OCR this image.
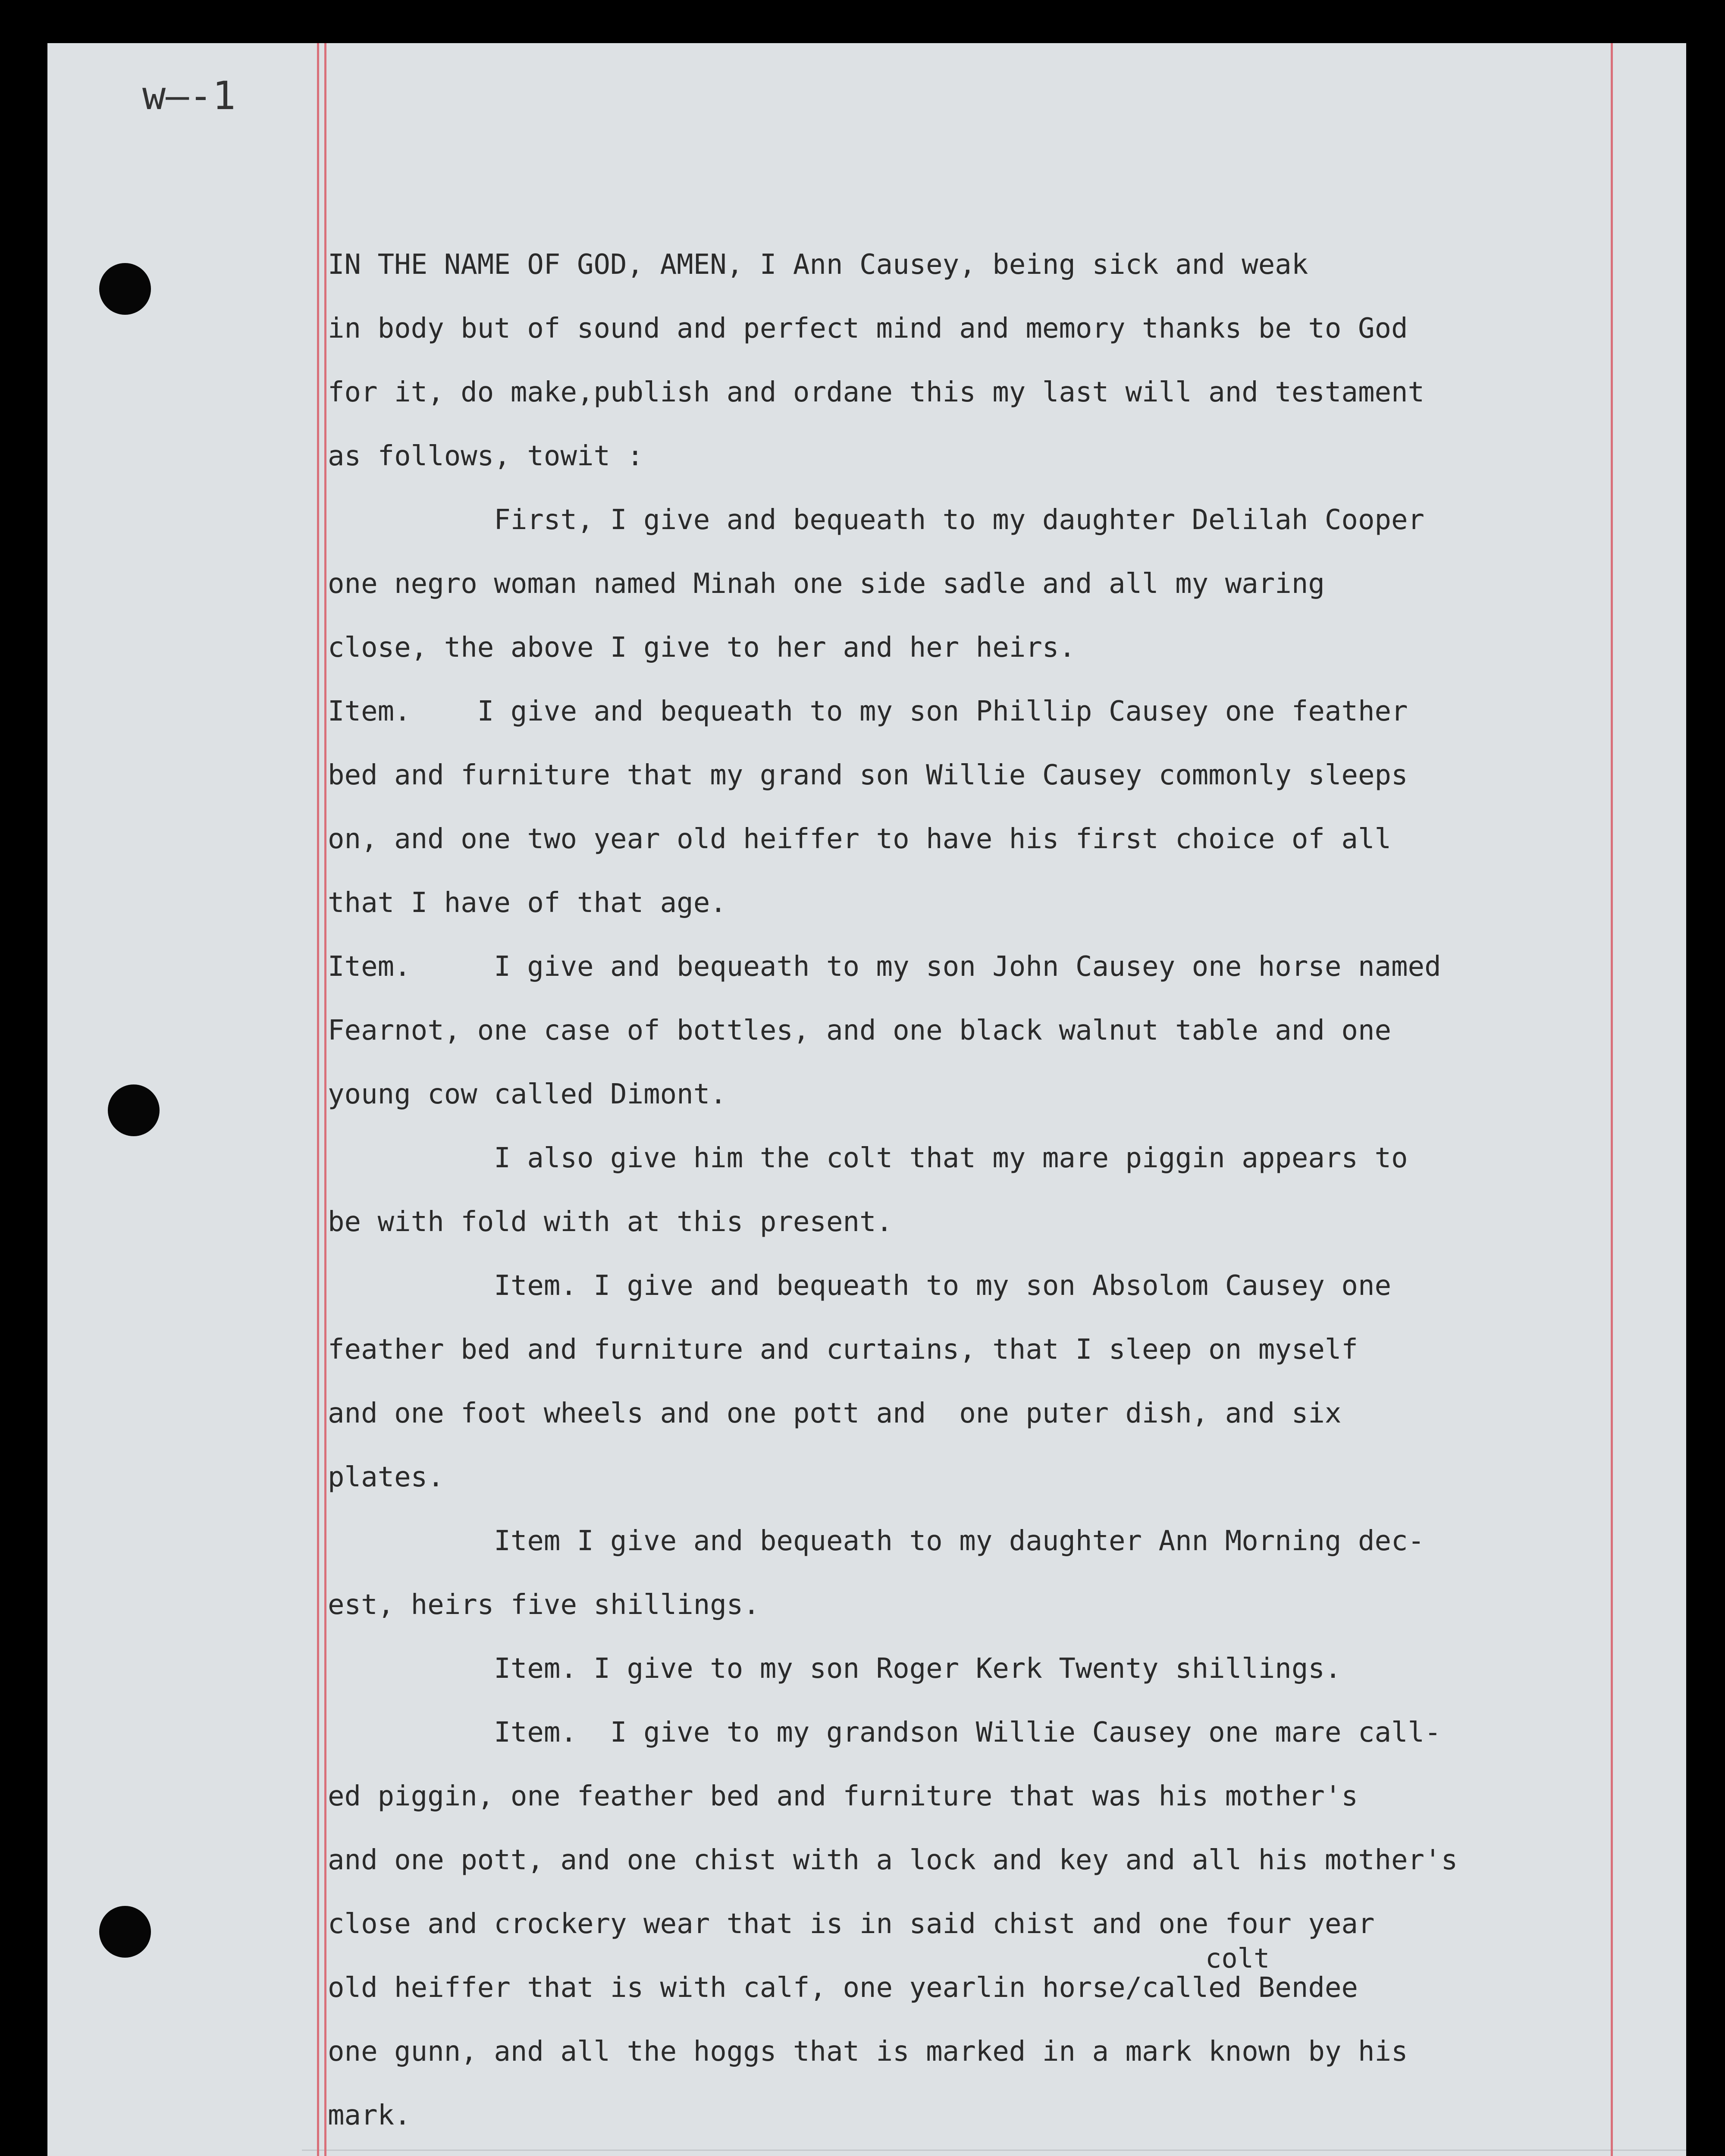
w—-1
IN THE NAME OF GOD, AMEN, I Ann Causey, being sick and weak
in body but of sound and perfect mind and memory thanks be to God
for it, do make,publish and ordane this my last will and testament
as follows, towit :
First, I give and bequeath to my daughter Delilah Cooper
one negro woman named Minah one side sadle and all my waring
close, the above I give to her and her heirs.
Item.    I give and bequeath to my son Phillip Causey one feather
bed and furniture that my grand son Willie Causey commonly sleeps
on, and one two year old heiffer to have his first choice of all
that I have of that age.
Item.     I give and bequeath to my son John Causey one horse named
Fearnot, one case of bottles, and one black walnut table and one
young cow called Dimont.
I also give him the colt that my mare piggin appears to
be with fold with at this present.
Item. I give and bequeath to my son Absolom Causey one
feather bed and furniture and curtains, that I sleep on myself
and one foot wheels and one pott and  one puter dish, and six
plates.
Item I give and bequeath to my daughter Ann Morning dec-
est, heirs five shillings.
Item. I give to my son Roger Kerk Twenty shillings.
Item.  I give to my grandson Willie Causey one mare call-
ed piggin, one feather bed and furniture that was his mother's
and one pott, and one chist with a lock and key and all his mother's
close and crockery wear that is in said chist and one four year
old heiffer that is with calf, one yearlin horse/called Bendee
one gunn, and all the hoggs that is marked in a mark known by his
mark.
colt
